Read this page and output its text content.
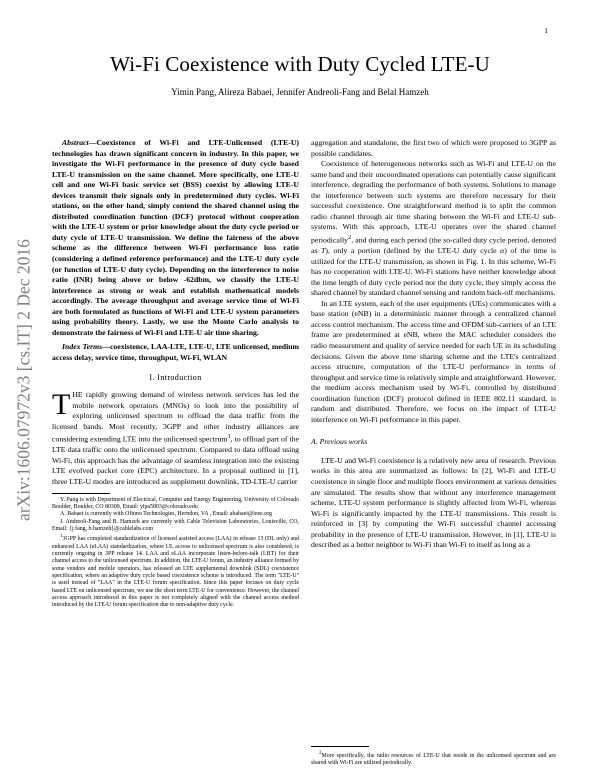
1
arXiv:1606.07972v3 [cs.IT] 2 Dec 2016
Wi-Fi Coexistence with Duty Cycled LTE-U
Yimin Pang, Alireza Babaei, Jennifer Andreoli-Fang and Belal Hamzeh

Abstract—Coexistence of Wi-Fi and LTE-Unlicensed (LTE-U) technologies has drawn significant concern in industry. In this paper, we investigate the Wi-Fi performance in the presence of duty cycle based LTE-U transmission on the same channel. More specifically, one LTE-U cell and one Wi-Fi basic service set (BSS) coexist by allowing LTE-U devices transmit their signals only in predetermined duty cycles. Wi-Fi stations, on the other hand, simply contend the shared channel using the distributed coordination function (DCF) protocol without cooperation with the LTE-U system or prior knowledge about the duty cycle period or duty cycle of LTE-U transmission. We define the fairness of the above scheme as the difference between Wi-Fi performance loss ratio (considering a defined reference performance) and the LTE-U duty cycle (or function of LTE-U duty cycle). Depending on the interference to noise ratio (INR) being above or below -62dbm, we classify the LTE-U interference as strong or weak and establish mathematical models accordingly. The average throughput and average service time of Wi-Fi are both formulated as functions of Wi-Fi and LTE-U system parameters using probability theory. Lastly, we use the Monte Carlo analysis to demonstrate the fairness of Wi-Fi and LTE-U air time sharing.

Index Terms—coexistence, LAA-LTE, LTE-U, LTE unlicensed, medium access delay, service time, throughput, Wi-Fi, WLAN

I. Introduction

THE rapidly growing demand of wireless network services has led the mobile network operators (MNOs) to look into the possibility of exploring unlicensed spectrum to offload the data traffic from the licensed bands. Most recently, 3GPP and other industry alliances are considering extending LTE into the unlicensed spectrum$^1$, to offload part of the LTE data traffic onto the unlicensed spectrum. Compared to data offload using Wi-Fi, this approach has the advantage of seamless integration into the existing LTE evolved packet core (EPC) architecture. In a proposal outlined in [1], three LTE-U modes are introduced as supplement downlink, TD-LTE-U carrier

Y. Pang is with Department of Electrical, Computer and Energy Engineering, University of Colorado Boulder, Boulder, CO 80309, Email: yipa5803@colorado.edu

A. Babaei is currently with Ofinno Technologies, Herndon, VA , Email: ababaei@ieee.org

J. Andreoli-Fang and B. Hamzeh are currently with Cable Television Laboratories, Louisville, CO, Email: {j.fang, b.hamzeh}@cablelabs.com

$^1$3GPP has completed standardization of licensed assisted access (LAA) in release 13 (DL only) and enhanced LAA (eLAA) standardization, where UL access to unlicensed spectrum is also considered, is currently ongoing in 3PP release 14. LAA and eLAA incorporate listen-before-talk (LBT) for their channel access to the unlicensed spectrum. In addition, the LTE-U forum, an industry alliance formed by some vendors and mobile operators, has released an LTE supplemental downlink (SDL) coexistence specification, where an adaptive duty cycle based coexistence scheme is introduced. The term "LTE-U" is used instead of "LAA" in the LTE-U forum specification. Since this paper focuses on duty cycle based LTE on unlicensed spectrum, we use the short term LTE-U for convenience. However, the channel access approach introduced in this paper is not completely aligned with the channel access method introduced by the LTE-U forum specification due to non-adaptive duty cycle.

aggregation and standalone, the first two of which were proposed to 3GPP as possible candidates.

Coexistence of heterogeneous networks such as Wi-Fi and LTE-U on the same band and their uncoordinated operations can potentially cause significant interference, degrading the performance of both systems. Solutions to manage the interference between such systems are therefore necessary for their successful coexistence. One straightforward method is to split the common radio channel through air time sharing between the Wi-Fi and LTE-U sub-systems. With this approach, LTE-U operates over the shared channel periodically$^2$, and during each period (the so-called duty cycle period, denoted as T), only a portion (defined by the LTE-U duty cycle α) of the time is utilized for the LTE-U transmission, as shown in Fig. 1. In this scheme, Wi-Fi has no cooperation with LTE-U. Wi-Fi stations have neither knowledge about the time length of duty cycle period nor the duty cycle, they simply access the shared channel by standard channel sensing and random back-off mechanisms.

In an LTE system, each of the user equipments (UEs) communicates with a base station (eNB) in a deterministic manner through a centralized channel access control mechanism. The access time and OFDM sub-carriers of an LTE frame are predetermined at eNB, where the MAC scheduler considers the radio measurement and quality of service needed for each UE in its scheduling decisions. Given the above time sharing scheme and the LTE's centralized access structure, computation of the LTE-U performance in terms of throughput and service time is relatively simple and straightforward. However, the medium access mechanism used by Wi-Fi, controlled by distributed coordination function (DCF) protocol defined in IEEE 802.11 standard, is random and distributed. Therefore, we focus on the impact of LTE-U interference on Wi-Fi performance in this paper.

A. Previous works

LTE-U and Wi-Fi coexistence is a relatively new area of research. Previous works in this area are summarized as follows: In [2], Wi-Fi and LTE-U coexistence in single floor and multiple floors environment at various densities are simulated. The results show that without any interference management scheme, LTE-U system performance is slightly affected from Wi-Fi, whereas Wi-Fi is significantly impacted by the LTE-U transmissions. This result is reinforced in [3] by computing the Wi-Fi successful channel accessing probability in the presence of LTE-U transmission. However, in [1], LTE-U is described as a better neighbor to Wi-Fi than Wi-Fi to itself as long as a

$^2$More specifically, the radio resources of LTE-U that reside in the unlicensed spectrum and are shared with Wi-Fi are utilized periodically.
